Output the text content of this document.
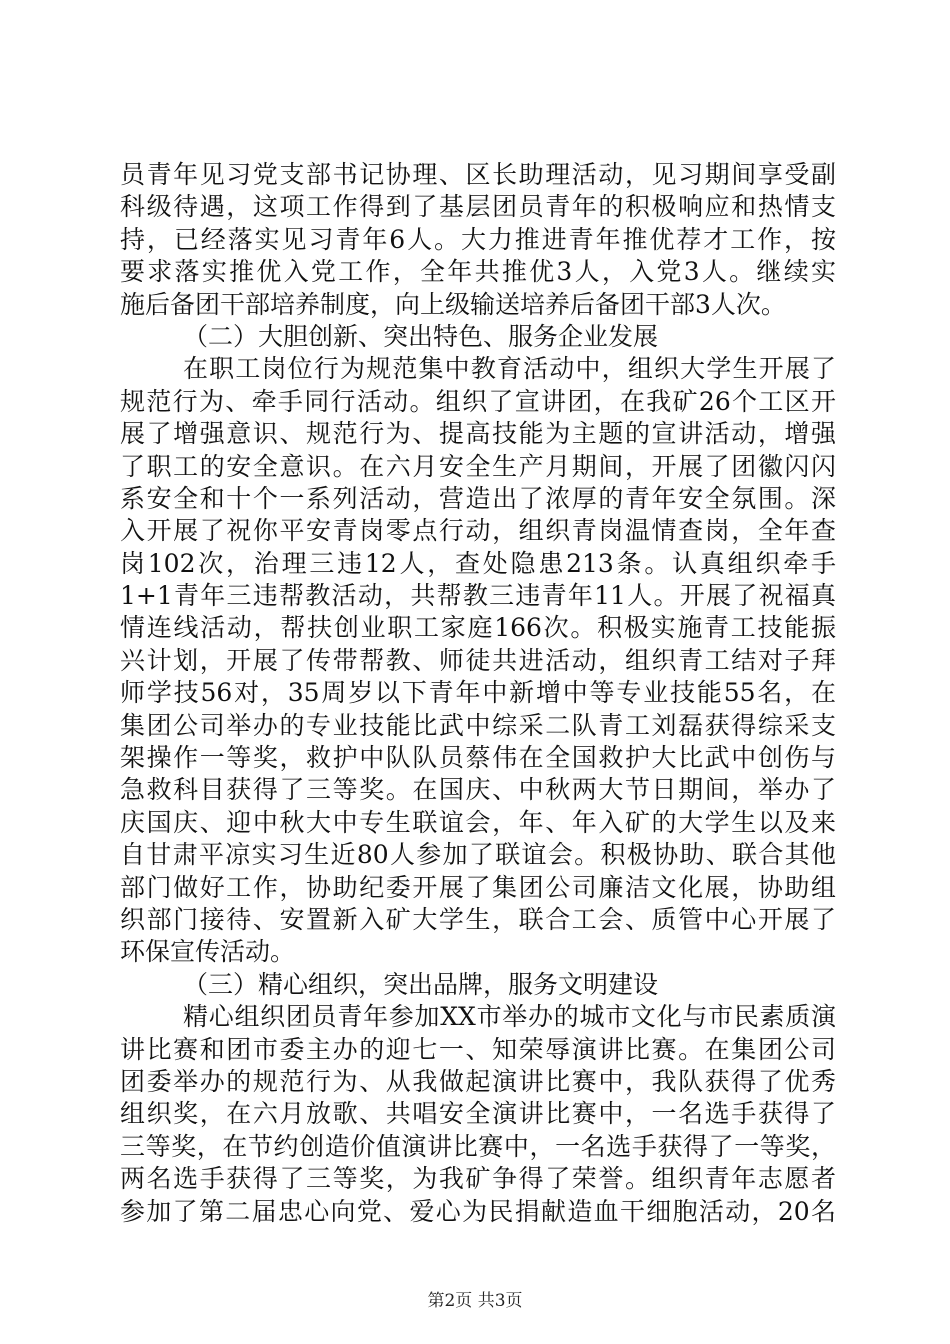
员青年见习党支部书记协理、区长助理活动，见习期间享受副

科级待遇，这项工作得到了基层团员青年的积极响应和热情支

持，已经落实见习青年6人。大力推进青年推优荐才工作，按

要求落实推优入党工作，全年共推优3人，入党3人。继续实

施后备团干部培养制度，向上级输送培养后备团干部3人次。

（二）大胆创新、突出特色、服务企业发展

在职工岗位行为规范集中教育活动中，组织大学生开展了

规范行为、牵手同行活动。组织了宣讲团，在我矿26个工区开

展了增强意识、规范行为、提高技能为主题的宣讲活动，增强

了职工的安全意识。在六月安全生产月期间，开展了团徽闪闪

系安全和十个一系列活动，营造出了浓厚的青年安全氛围。深

入开展了祝你平安青岗零点行动，组织青岗温情查岗，全年查

岗102次，治理三违12人，查处隐患213条。认真组织牵手

1+1青年三违帮教活动，共帮教三违青年11人。开展了祝福真

情连线活动，帮扶创业职工家庭166次。积极实施青工技能振

兴计划，开展了传带帮教、师徒共进活动，组织青工结对子拜

师学技56对，35周岁以下青年中新增中等专业技能55名，在

集团公司举办的专业技能比武中综采二队青工刘磊获得综采支

架操作一等奖，救护中队队员蔡伟在全国救护大比武中创伤与

急救科目获得了三等奖。在国庆、中秋两大节日期间，举办了

庆国庆、迎中秋大中专生联谊会，年、年入矿的大学生以及来

自甘肃平凉实习生近80人参加了联谊会。积极协助、联合其他

部门做好工作，协助纪委开展了集团公司廉洁文化展，协助组

织部门接待、安置新入矿大学生，联合工会、质管中心开展了

环保宣传活动。

（三）精心组织，突出品牌，服务文明建设

精心组织团员青年参加XX市举办的城市文化与市民素质演

讲比赛和团市委主办的迎七一、知荣辱演讲比赛。在集团公司

团委举办的规范行为、从我做起演讲比赛中，我队获得了优秀

组织奖，在六月放歌、共唱安全演讲比赛中，一名选手获得了

三等奖，在节约创造价值演讲比赛中，一名选手获得了一等奖，

两名选手获得了三等奖，为我矿争得了荣誉。组织青年志愿者

参加了第二届忠心向党、爱心为民捐献造血干细胞活动，20名

第2页 共3页
